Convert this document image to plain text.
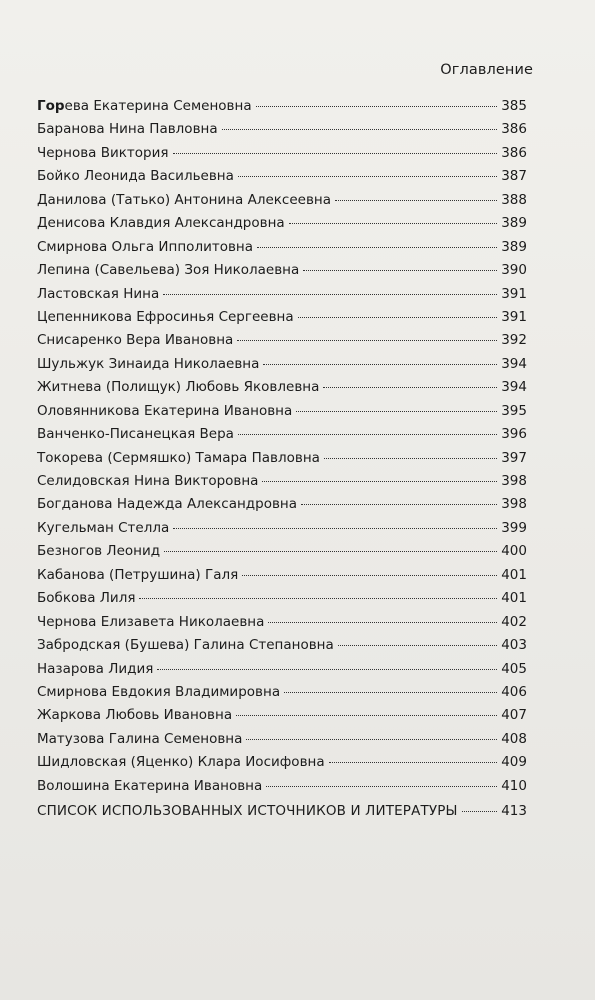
Оглавление
Горева Екатерина Семеновна	385
Баранова Нина Павловна	386
Чернова Виктория	386
Бойко Леонида Васильевна	387
Данилова (Татько) Антонина Алексеевна	388
Денисова Клавдия Александровна	389
Смирнова Ольга Ипполитовна	389
Лепина (Савельева) Зоя Николаевна	390
Ластовская Нина	391
Цепенникова Ефросинья Сергеевна	391
Снисаренко Вера Ивановна	392
Шульжук Зинаида Николаевна	394
Житнева (Полищук) Любовь Яковлевна	394
Оловянникова Екатерина Ивановна	395
Ванченко-Писанецкая Вера	396
Токорева (Сермяшко) Тамара Павловна	397
Селидовская Нина Викторовна	398
Богданова Надежда Александровна	398
Кугельман Стелла	399
Безногов Леонид	400
Кабанова (Петрушина) Галя	401
Бобкова Лиля	401
Чернова Елизавета Николаевна	402
Забродская (Бушева) Галина Степановна	403
Назарова Лидия	405
Смирнова Евдокия Владимировна	406
Жаркова Любовь Ивановна	407
Матузова Галина Семеновна	408
Шидловская (Яценко) Клара Иосифовна	409
Волошина Екатерина Ивановна	410
СПИСОК ИСПОЛЬЗОВАННЫХ ИСТОЧНИКОВ И ЛИТЕРАТУРЫ	413
